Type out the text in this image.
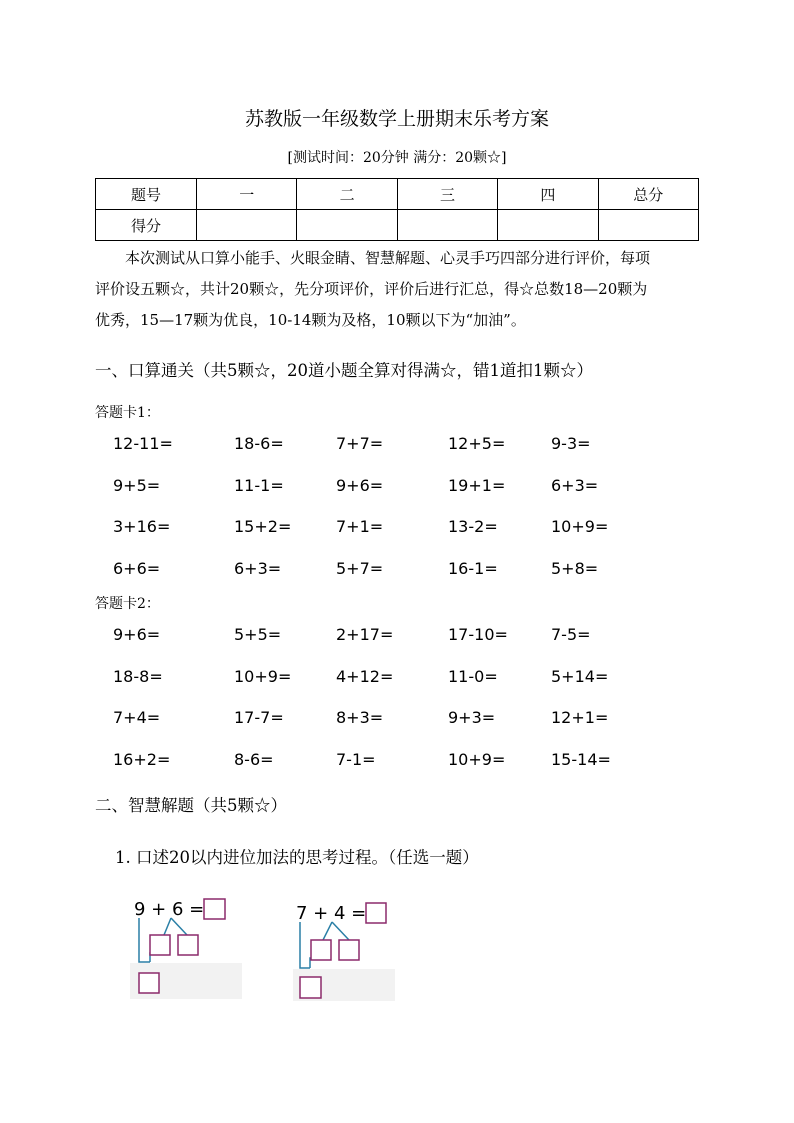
苏教版一年级数学上册期末乐考方案
[测试时间：20分钟 满分：20颗☆]
题号	一	二	三	四	总分
得分					

本次测试从口算小能手、火眼金睛、智慧解题、心灵手巧四部分进行评价，每项

评价设五颗☆，共计20颗☆，先分项评价，评价后进行汇总，得☆总数18—20颗为

优秀，15—17颗为优良，10-14颗为及格，10颗以下为“加油”。

一、口算通关（共5颗☆，20道小题全算对得满☆，错1道扣1颗☆）
答题卡1：
12-11=	18-6=	7+7=	12+5=	9-3=
9+5=	11-1=	9+6=	19+1=	6+3=
3+16=	15+2=	7+1=	13-2=	10+9=
6+6=	6+3=	5+7=	16-1=	5+8=
答题卡2：
9+6=	5+5=	2+17=	17-10=	7-5=
18-8=	10+9=	4+12=	11-0=	5+14=
7+4=	17-7=	8+3=	9+3=	12+1=
16+2=	8-6=	7-1=	10+9=	15-14=
二、智慧解题（共5颗☆）
1. 口述20以内进位加法的思考过程。（任选一题）
9 + 6 =	7 + 4 =
